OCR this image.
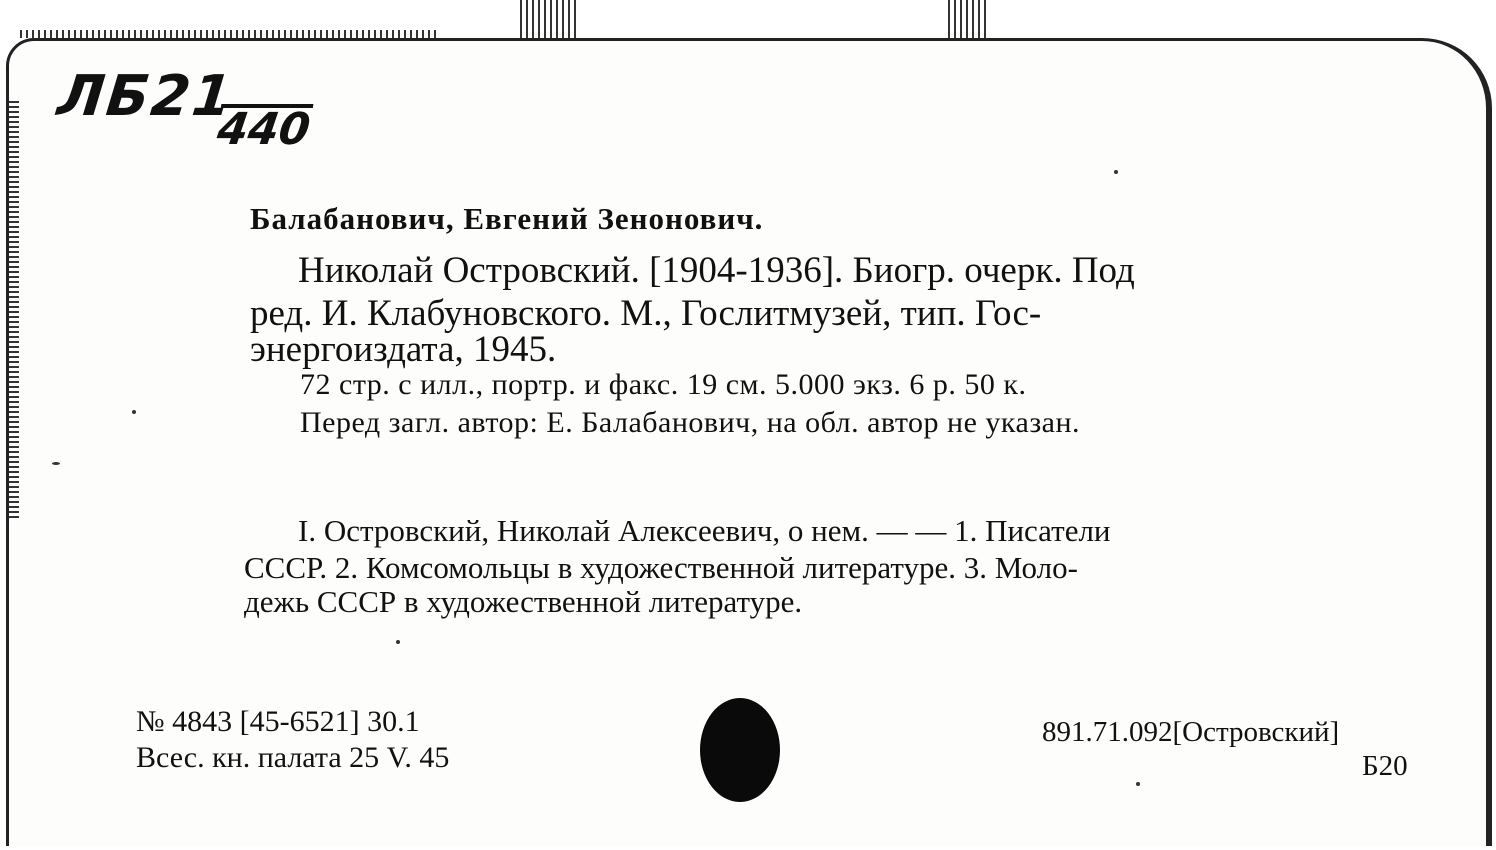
ЛБ21
440
Балабанович, Евгений Зенонович.
Николай Островский. [1904-1936]. Биогр. очерк. Под
ред. И. Клабуновского. М., Гослитмузей, тип. Гос-
энергоиздата, 1945.
72 стр. с илл., портр. и факс. 19 см. 5.000 экз. 6 р. 50 к.
Перед загл. автор: Е. Балабанович, на обл. автор не указан.
I. Островский, Николай Алексеевич, о нем. — — 1. Писатели
СССР. 2. Комсомольцы в художественной литературе. 3. Моло-
дежь СССР в художественной литературе.
№ 4843 [45-6521] 30.1
Всес. кн. палата 25 V. 45
891.71.092[Островский]
Б20
